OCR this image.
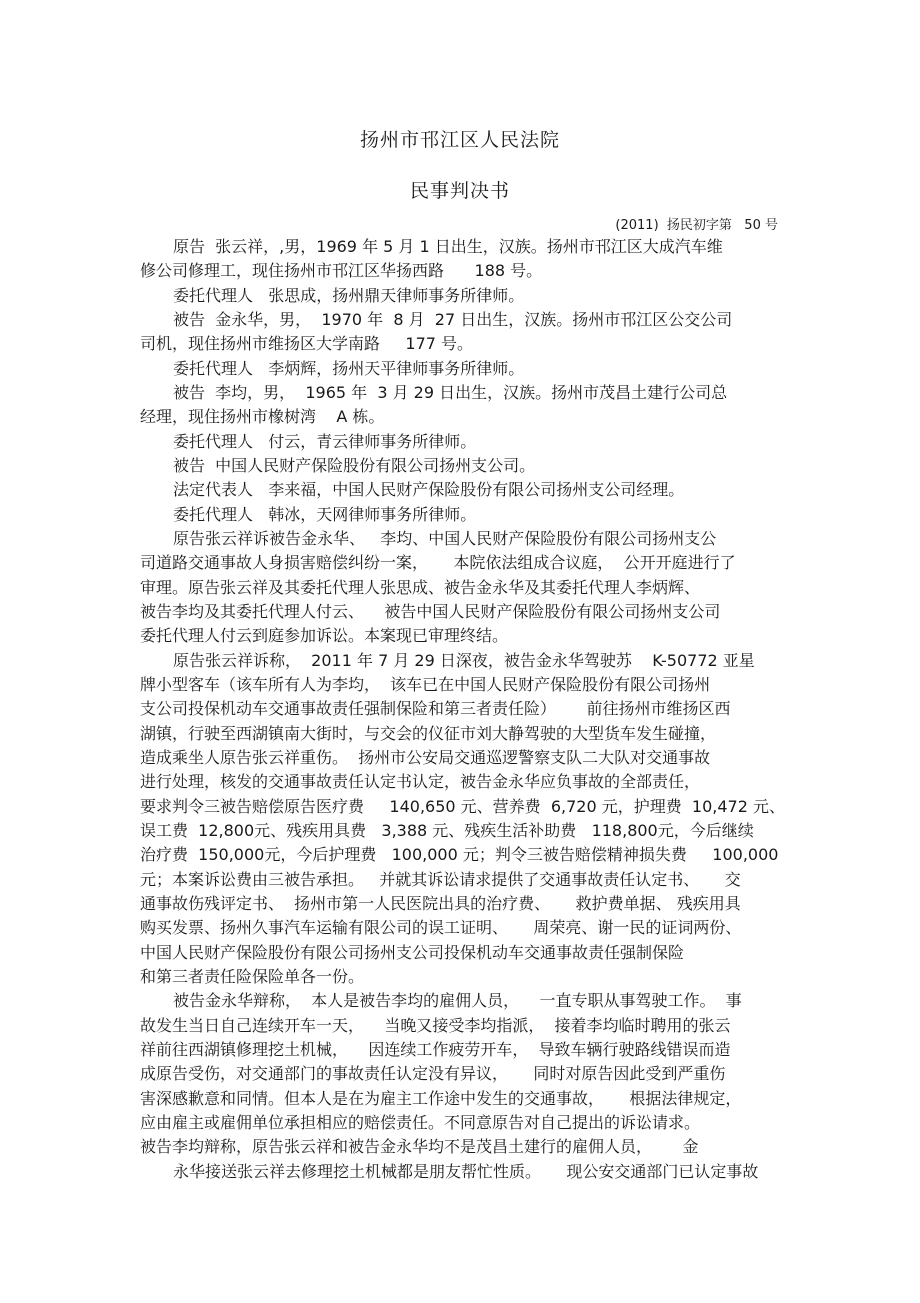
扬州市邗江区人民法院
民事判决书
(2011)  扬民初字第   50 号
原告  张云祥，,男，1969 年 5 月 1 日出生，汉族。扬州市邗江区大成汽车维
修公司修理工，现住扬州市邗江区华扬西路      188 号。
委托代理人   张思成，扬州鼎天律师事务所律师。
被告  金永华，男，  1970 年  8 月  27 日出生，汉族。扬州市邗江区公交公司
司机，现住扬州市维扬区大学南路     177 号。
委托代理人   李炳辉，扬州天平律师事务所律师。
被告  李均，男，  1965 年  3 月 29 日出生，汉族。扬州市茂昌土建行公司总
经理，现住扬州市橡树湾    A 栋。
委托代理人   付云，青云律师事务所律师。
被告  中国人民财产保险股份有限公司扬州支公司。
法定代表人   李来福，中国人民财产保险股份有限公司扬州支公司经理。
委托代理人   韩冰，天网律师事务所律师。
原告张云祥诉被告金永华、   李均、中国人民财产保险股份有限公司扬州支公
司道路交通事故人身损害赔偿纠纷一案，     本院依法组成合议庭，  公开开庭进行了
审理。原告张云祥及其委托代理人张思成、被告金永华及其委托代理人李炳辉、
被告李均及其委托代理人付云、    被告中国人民财产保险股份有限公司扬州支公司
委托代理人付云到庭参加诉讼。本案现已审理终结。
原告张云祥诉称，  2011 年 7 月 29 日深夜，被告金永华驾驶苏    K-50772 亚星
牌小型客车（该车所有人为李均，  该车已在中国人民财产保险股份有限公司扬州
支公司投保机动车交通事故责任强制保险和第三者责任险）      前往扬州市维扬区西
湖镇，行驶至西湖镇南大街时，与交会的仪征市刘大静驾驶的大型货车发生碰撞，
造成乘坐人原告张云祥重伤。  扬州市公安局交通巡逻警察支队二大队对交通事故
进行处理，核发的交通事故责任认定书认定，被告金永华应负事故的全部责任，
要求判令三被告赔偿原告医疗费     140,650 元、营养费  6,720 元，护理费  10,472 元、
误工费  12,800元、残疾用具费   3,388 元、残疾生活补助费   118,800元，今后继续
治疗费  150,000元，今后护理费   100,000 元；判令三被告赔偿精神损失费     100,000
元；本案诉讼费由三被告承担。   并就其诉讼请求提供了交通事故责任认定书、     交
通事故伤残评定书、  扬州市第一人民医院出具的治疗费、     救护费单据、 残疾用具
购买发票、扬州久事汽车运输有限公司的误工证明、     周荣亮、谢一民的证词两份、
中国人民财产保险股份有限公司扬州支公司投保机动车交通事故责任强制保险
和第三者责任险保险单各一份。
被告金永华辩称，  本人是被告李均的雇佣人员，    一直专职从事驾驶工作。  事
故发生当日自己连续开车一天，    当晚又接受李均指派，  接着李均临时聘用的张云
祥前往西湖镇修理挖土机械，    因连续工作疲劳开车，  导致车辆行驶路线错误而造
成原告受伤，对交通部门的事故责任认定没有异议，     同时对原告因此受到严重伤
害深感歉意和同情。但本人是在为雇主工作途中发生的交通事故，     根据法律规定，
应由雇主或雇佣单位承担相应的赔偿责任。不同意原告对自己提出的诉讼请求。
被告李均辩称，原告张云祥和被告金永华均不是茂昌土建行的雇佣人员，      金
永华接送张云祥去修理挖土机械都是朋友帮忙性质。     现公安交通部门已认定事故
